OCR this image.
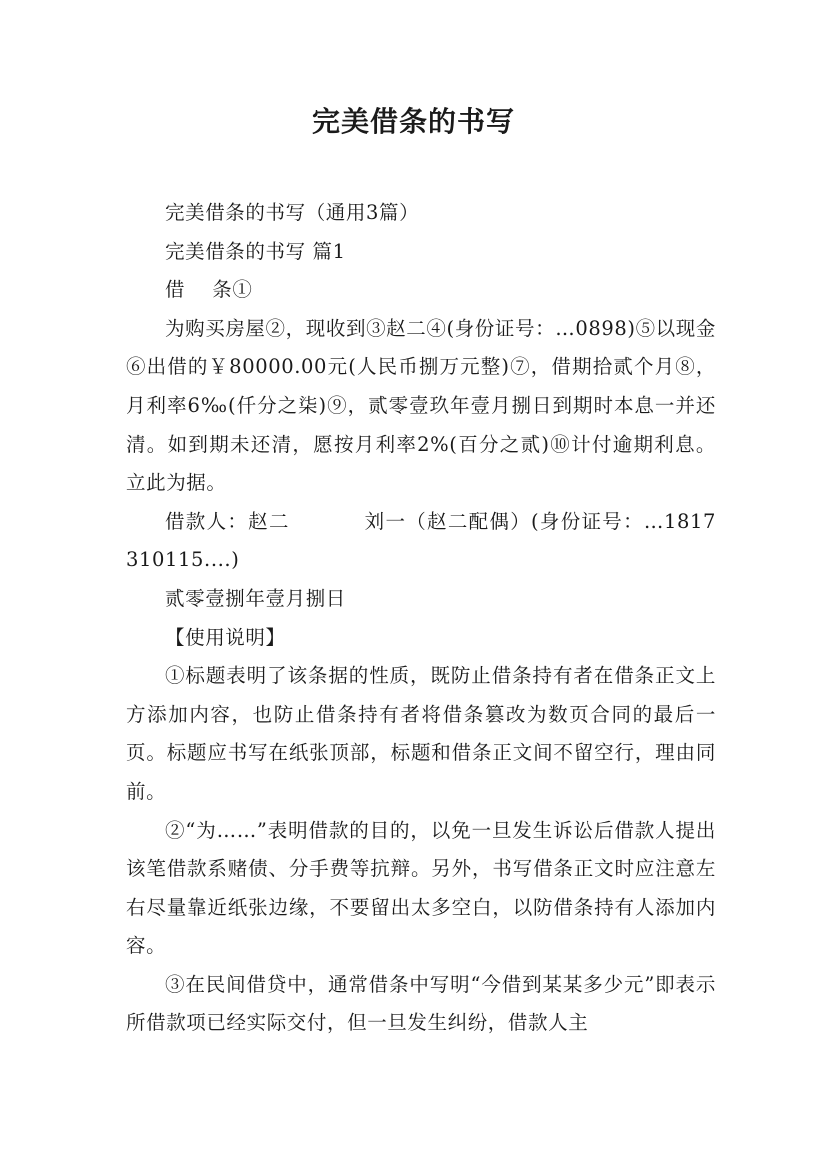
完美借条的书写

完美借条的书写（通用3篇）

完美借条的书写 篇1

借    条①

为购买房屋②，现收到③赵二④(身份证号：…0898)⑤以现金⑥出借的￥80000.00元(人民币捌万元整)⑦，借期拾贰个月⑧，月利率6‰(仟分之柒)⑨，贰零壹玖年壹月捌日到期时本息一并还清。如到期未还清，愿按月利率2%(百分之贰)⑩计付逾期利息。立此为据。

借款人：赵二          刘一（赵二配偶）(身份证号：…1817             310115....)

贰零壹捌年壹月捌日

【使用说明】

①标题表明了该条据的性质，既防止借条持有者在借条正文上方添加内容，也防止借条持有者将借条篡改为数页合同的最后一页。标题应书写在纸张顶部，标题和借条正文间不留空行，理由同前。

②“为……”表明借款的目的，以免一旦发生诉讼后借款人提出该笔借款系赌债、分手费等抗辩。另外，书写借条正文时应注意左右尽量靠近纸张边缘，不要留出太多空白，以防借条持有人添加内容。

③在民间借贷中，通常借条中写明“今借到某某多少元”即表示所借款项已经实际交付，但一旦发生纠纷，借款人主
